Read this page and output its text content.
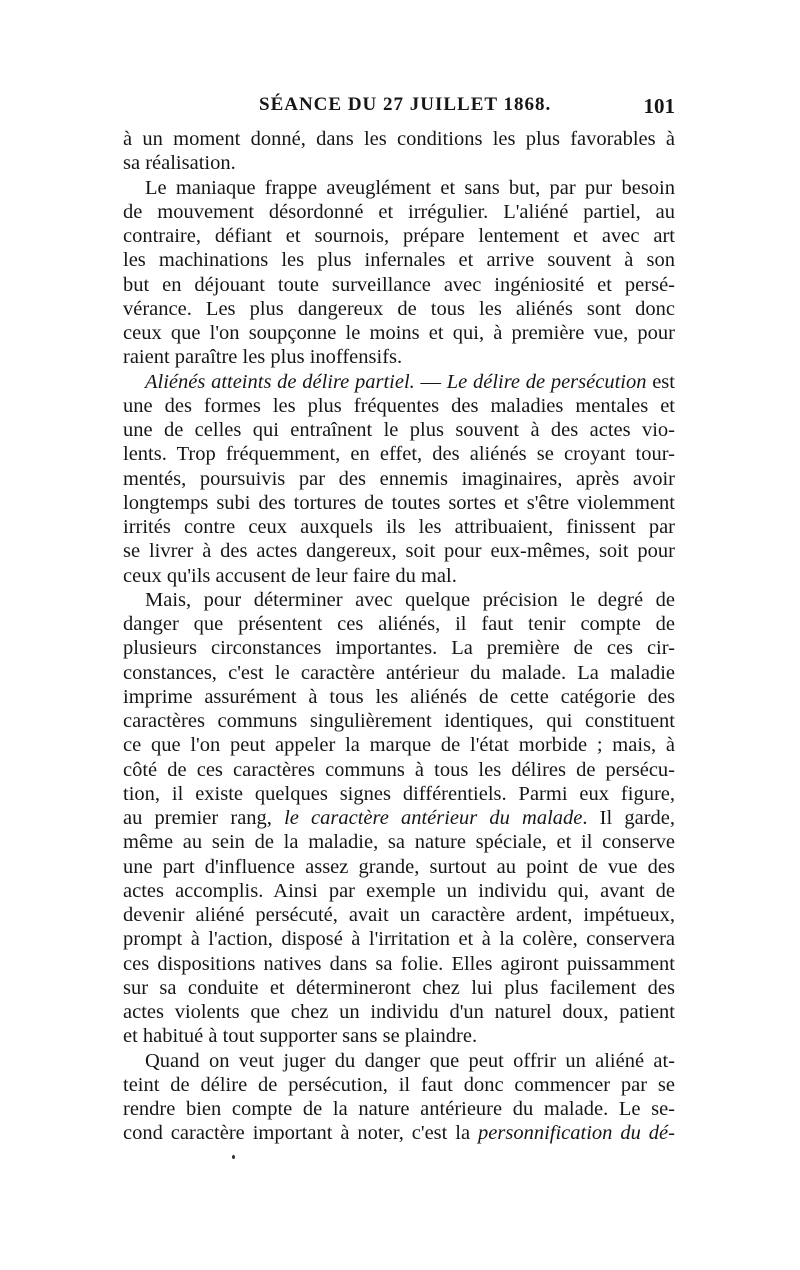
SÉANCE DU 27 JUILLET 1868.	101
à un moment donné, dans les conditions les plus favorables à
sa réalisation.
Le maniaque frappe aveuglément et sans but, par pur besoin
de mouvement désordonné et irrégulier. L'aliéné partiel, au
contraire, défiant et sournois, prépare lentement et avec art
les machinations les plus infernales et arrive souvent à son
but en déjouant toute surveillance avec ingéniosité et persé-
vérance. Les plus dangereux de tous les aliénés sont donc
ceux que l'on soupçonne le moins et qui, à première vue, pour
raient paraître les plus inoffensifs.
Aliénés atteints de délire partiel. — Le délire de persécution est
une des formes les plus fréquentes des maladies mentales et
une de celles qui entraînent le plus souvent à des actes vio-
lents. Trop fréquemment, en effet, des aliénés se croyant tour-
mentés, poursuivis par des ennemis imaginaires, après avoir
longtemps subi des tortures de toutes sortes et s'être violemment
irrités contre ceux auxquels ils les attribuaient, finissent par
se livrer à des actes dangereux, soit pour eux-mêmes, soit pour
ceux qu'ils accusent de leur faire du mal.
Mais, pour déterminer avec quelque précision le degré de
danger que présentent ces aliénés, il faut tenir compte de
plusieurs circonstances importantes. La première de ces cir-
constances, c'est le caractère antérieur du malade. La maladie
imprime assurément à tous les aliénés de cette catégorie des
caractères communs singulièrement identiques, qui constituent
ce que l'on peut appeler la marque de l'état morbide ; mais, à
côté de ces caractères communs à tous les délires de persécu-
tion, il existe quelques signes différentiels. Parmi eux figure,
au premier rang, le caractère antérieur du malade. Il garde,
même au sein de la maladie, sa nature spéciale, et il conserve
une part d'influence assez grande, surtout au point de vue des
actes accomplis. Ainsi par exemple un individu qui, avant de
devenir aliéné persécuté, avait un caractère ardent, impétueux,
prompt à l'action, disposé à l'irritation et à la colère, conservera
ces dispositions natives dans sa folie. Elles agiront puissamment
sur sa conduite et détermineront chez lui plus facilement des
actes violents que chez un individu d'un naturel doux, patient
et habitué à tout supporter sans se plaindre.
Quand on veut juger du danger que peut offrir un aliéné at-
teint de délire de persécution, il faut donc commencer par se
rendre bien compte de la nature antérieure du malade. Le se-
cond caractère important à noter, c'est la personnification du dé-
